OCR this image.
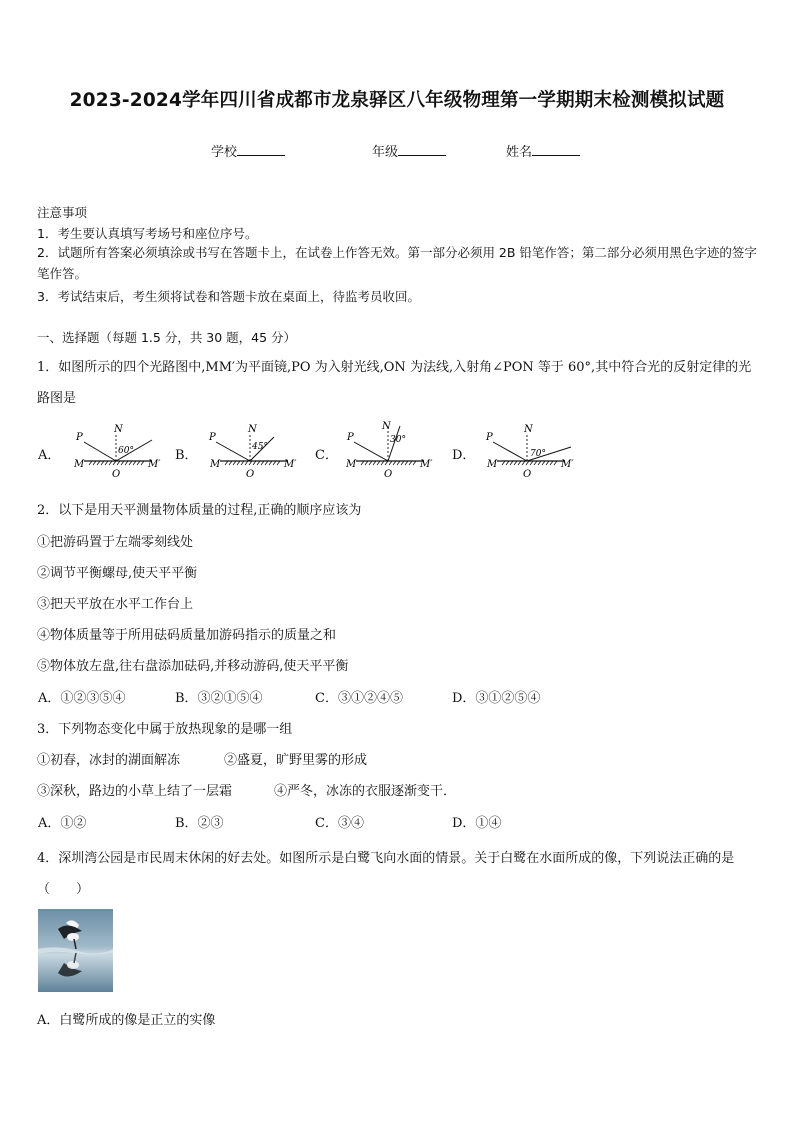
2023-2024学年四川省成都市龙泉驿区八年级物理第一学期期末检测模拟试题
学校	年级	姓名
注意事项
1．考生要认真填写考场号和座位序号。
2．试题所有答案必须填涂或书写在答题卡上，在试卷上作答无效。第一部分必须用 2B 铅笔作答；第二部分必须用黑色字迹的签字笔作答。
3．考试结束后，考生须将试卷和答题卡放在桌面上，待监考员收回。
一、选择题（每题 1.5 分，共 30 题，45 分）
1．如图所示的四个光路图中,MM′为平面镜,PO 为入射光线,ON 为法线,入射角∠PON 等于 60°,其中符合光的反射定律的光路图是
A．	B．	C．	D．
P
N
60°
M	M′
O
P
N
45°
M	M′
O
P
N
30°
M	M′
O
P
N
70°
M	M′
O
2．以下是用天平测量物体质量的过程,正确的顺序应该为
①把游码置于左端零刻线处
②调节平衡螺母,使天平平衡
③把天平放在水平工作台上
④物体质量等于所用砝码质量加游码指示的质量之和
⑤物体放左盘,往右盘添加砝码,并移动游码,使天平平衡
A．①②③⑤④	B．③②①⑤④	C．③①②④⑤	D．③①②⑤④
3．下列物态变化中属于放热现象的是哪一组
①初春，冰封的湖面解冻	②盛夏，旷野里雾的形成
③深秋，路边的小草上结了一层霜	④严冬，冰冻的衣服逐渐变干．
A．①②	B．②③	C．③④	D．①④
4．深圳湾公园是市民周末休闲的好去处。如图所示是白鹭飞向水面的情景。关于白鹭在水面所成的像，下列说法正确的是（　　）
A．白鹭所成的像是正立的实像
